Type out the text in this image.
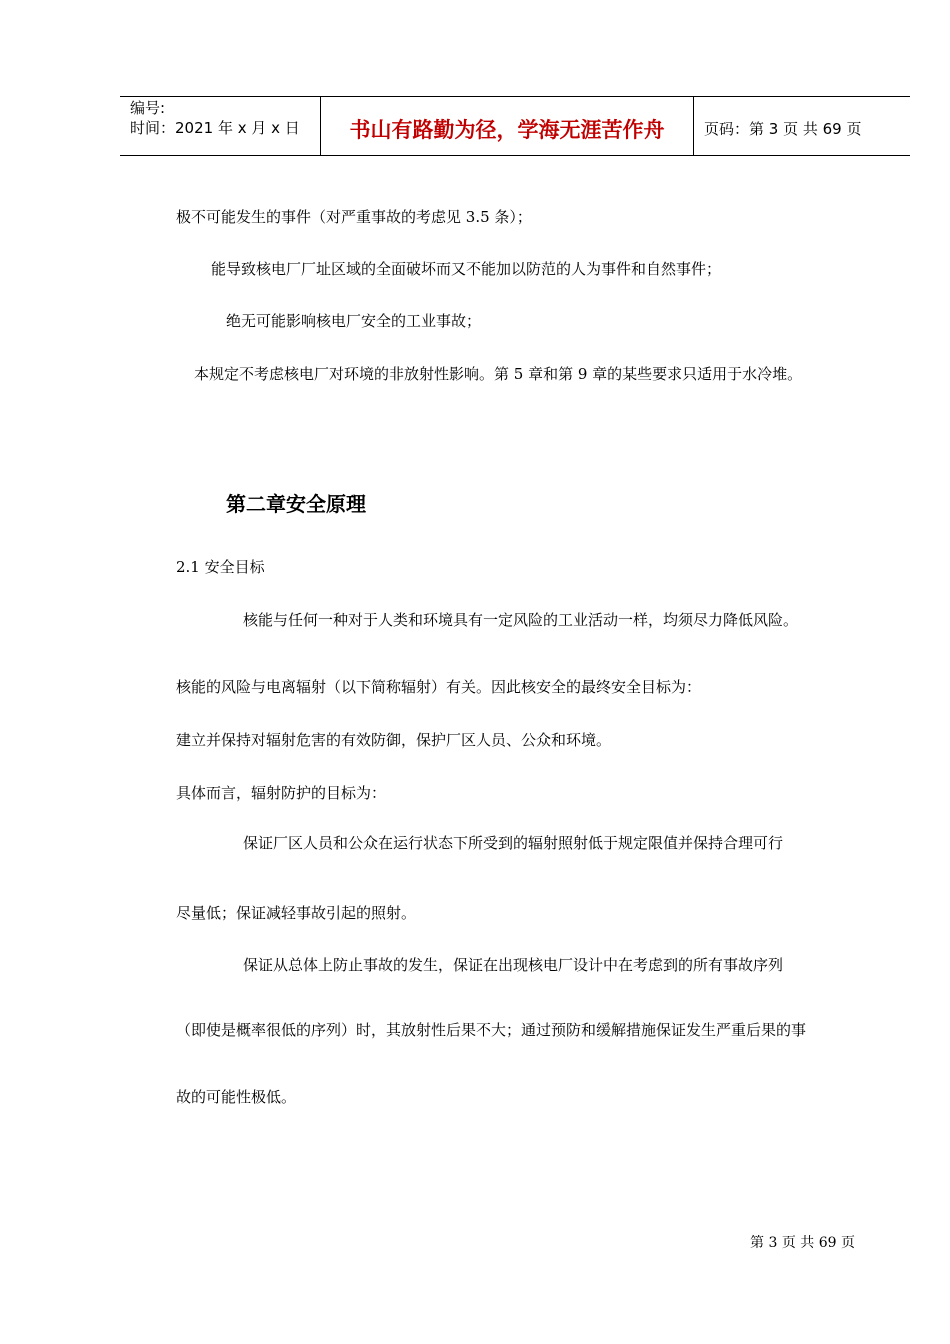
编号:
时间：2021 年 x 月 x 日	书山有路勤为径，学海无涯苦作舟	页码：第 3 页 共 69 页
极不可能发生的事件（对严重事故的考虑见 3.5 条）；
能导致核电厂厂址区域的全面破坏而又不能加以防范的人为事件和自然事件；
绝无可能影响核电厂安全的工业事故；
本规定不考虑核电厂对环境的非放射性影响。第 5 章和第 9 章的某些要求只适用于水冷堆。
第二章安全原理
2.1 安全目标
核能与任何一种对于人类和环境具有一定风险的工业活动一样，均须尽力降低风险。
核能的风险与电离辐射（以下简称辐射）有关。因此核安全的最终安全目标为：
建立并保持对辐射危害的有效防御，保护厂区人员、公众和环境。
具体而言，辐射防护的目标为：
保证厂区人员和公众在运行状态下所受到的辐射照射低于规定限值并保持合理可行
尽量低；保证减轻事故引起的照射。
保证从总体上防止事故的发生，保证在出现核电厂设计中在考虑到的所有事故序列
（即使是概率很低的序列）时，其放射性后果不大；通过预防和缓解措施保证发生严重后果的事
故的可能性极低。
第 3 页 共 69 页
